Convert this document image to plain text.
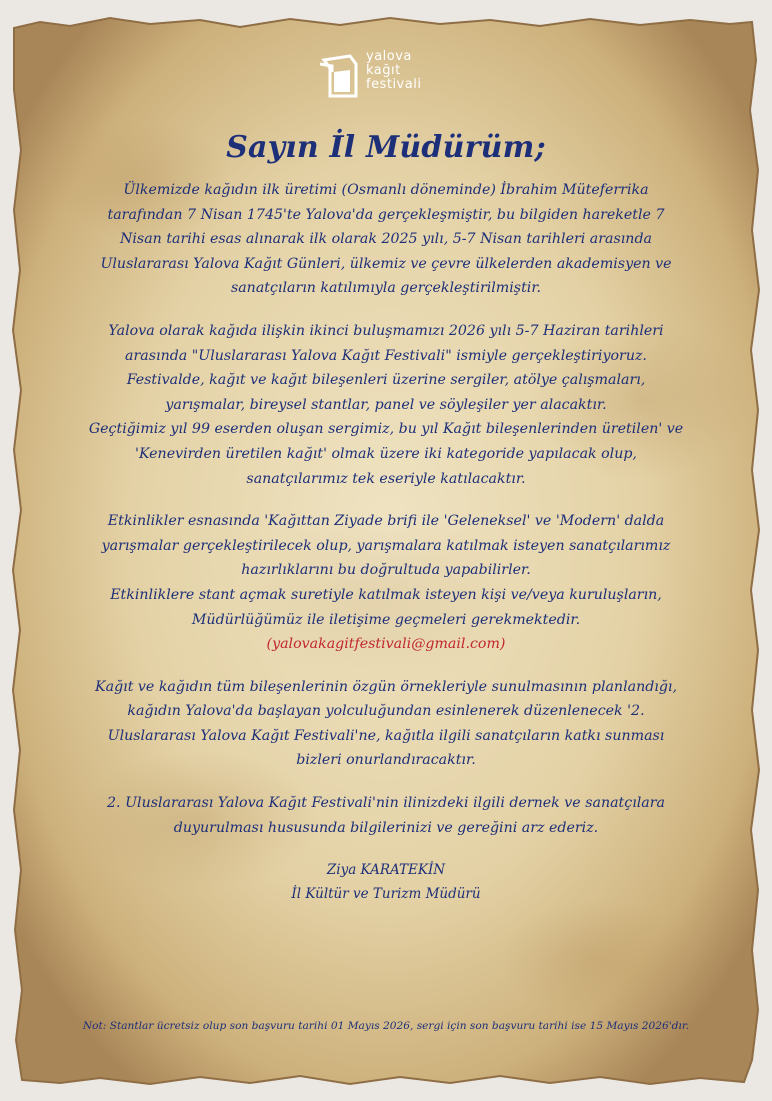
yalova
kağıt
festivali
Sayın İl Müdürüm;
Ülkemizde kağıdın ilk üretimi (Osmanlı döneminde) İbrahim Müteferrika
tarafından 7 Nisan 1745'te Yalova'da gerçekleşmiştir, bu bilgiden hareketle 7
Nisan tarihi esas alınarak ilk olarak 2025 yılı, 5-7 Nisan tarihleri arasında
Uluslararası Yalova Kağıt Günleri, ülkemiz ve çevre ülkelerden akademisyen ve
sanatçıların katılımıyla gerçekleştirilmiştir.
Yalova olarak kağıda ilişkin ikinci buluşmamızı 2026 yılı 5-7 Haziran tarihleri
arasında "Uluslararası Yalova Kağıt Festivali" ismiyle gerçekleştiriyoruz.
Festivalde, kağıt ve kağıt bileşenleri üzerine sergiler, atölye çalışmaları,
yarışmalar, bireysel stantlar, panel ve söyleşiler yer alacaktır.
Geçtiğimiz yıl 99 eserden oluşan sergimiz, bu yıl Kağıt bileşenlerinden üretilen' ve
'Kenevirden üretilen kağıt' olmak üzere iki kategoride yapılacak olup,
sanatçılarımız tek eseriyle katılacaktır.
Etkinlikler esnasında 'Kağıttan Ziyade brifi ile 'Geleneksel' ve 'Modern' dalda
yarışmalar gerçekleştirilecek olup, yarışmalara katılmak isteyen sanatçılarımız
hazırlıklarını bu doğrultuda yapabilirler.
Etkinliklere stant açmak suretiyle katılmak isteyen kişi ve/veya kuruluşların,
Müdürlüğümüz ile iletişime geçmeleri gerekmektedir.
(yalovakagitfestivali@gmail.com)
Kağıt ve kağıdın tüm bileşenlerinin özgün örnekleriyle sunulmasının planlandığı,
kağıdın Yalova'da başlayan yolculuğundan esinlenerek düzenlenecek '2.
Uluslararası Yalova Kağıt Festivali'ne, kağıtla ilgili sanatçıların katkı sunması
bizleri onurlandıracaktır.
2. Uluslararası Yalova Kağıt Festivali'nin ilinizdeki ilgili dernek ve sanatçılara
duyurulması hususunda bilgilerinizi ve gereğini arz ederiz.
Ziya KARATEKİN
İl Kültür ve Turizm Müdürü
Not: Stantlar ücretsiz olup son başvuru tarihi 01 Mayıs 2026, sergi için son başvuru tarihi ise 15 Mayıs 2026'dır.
